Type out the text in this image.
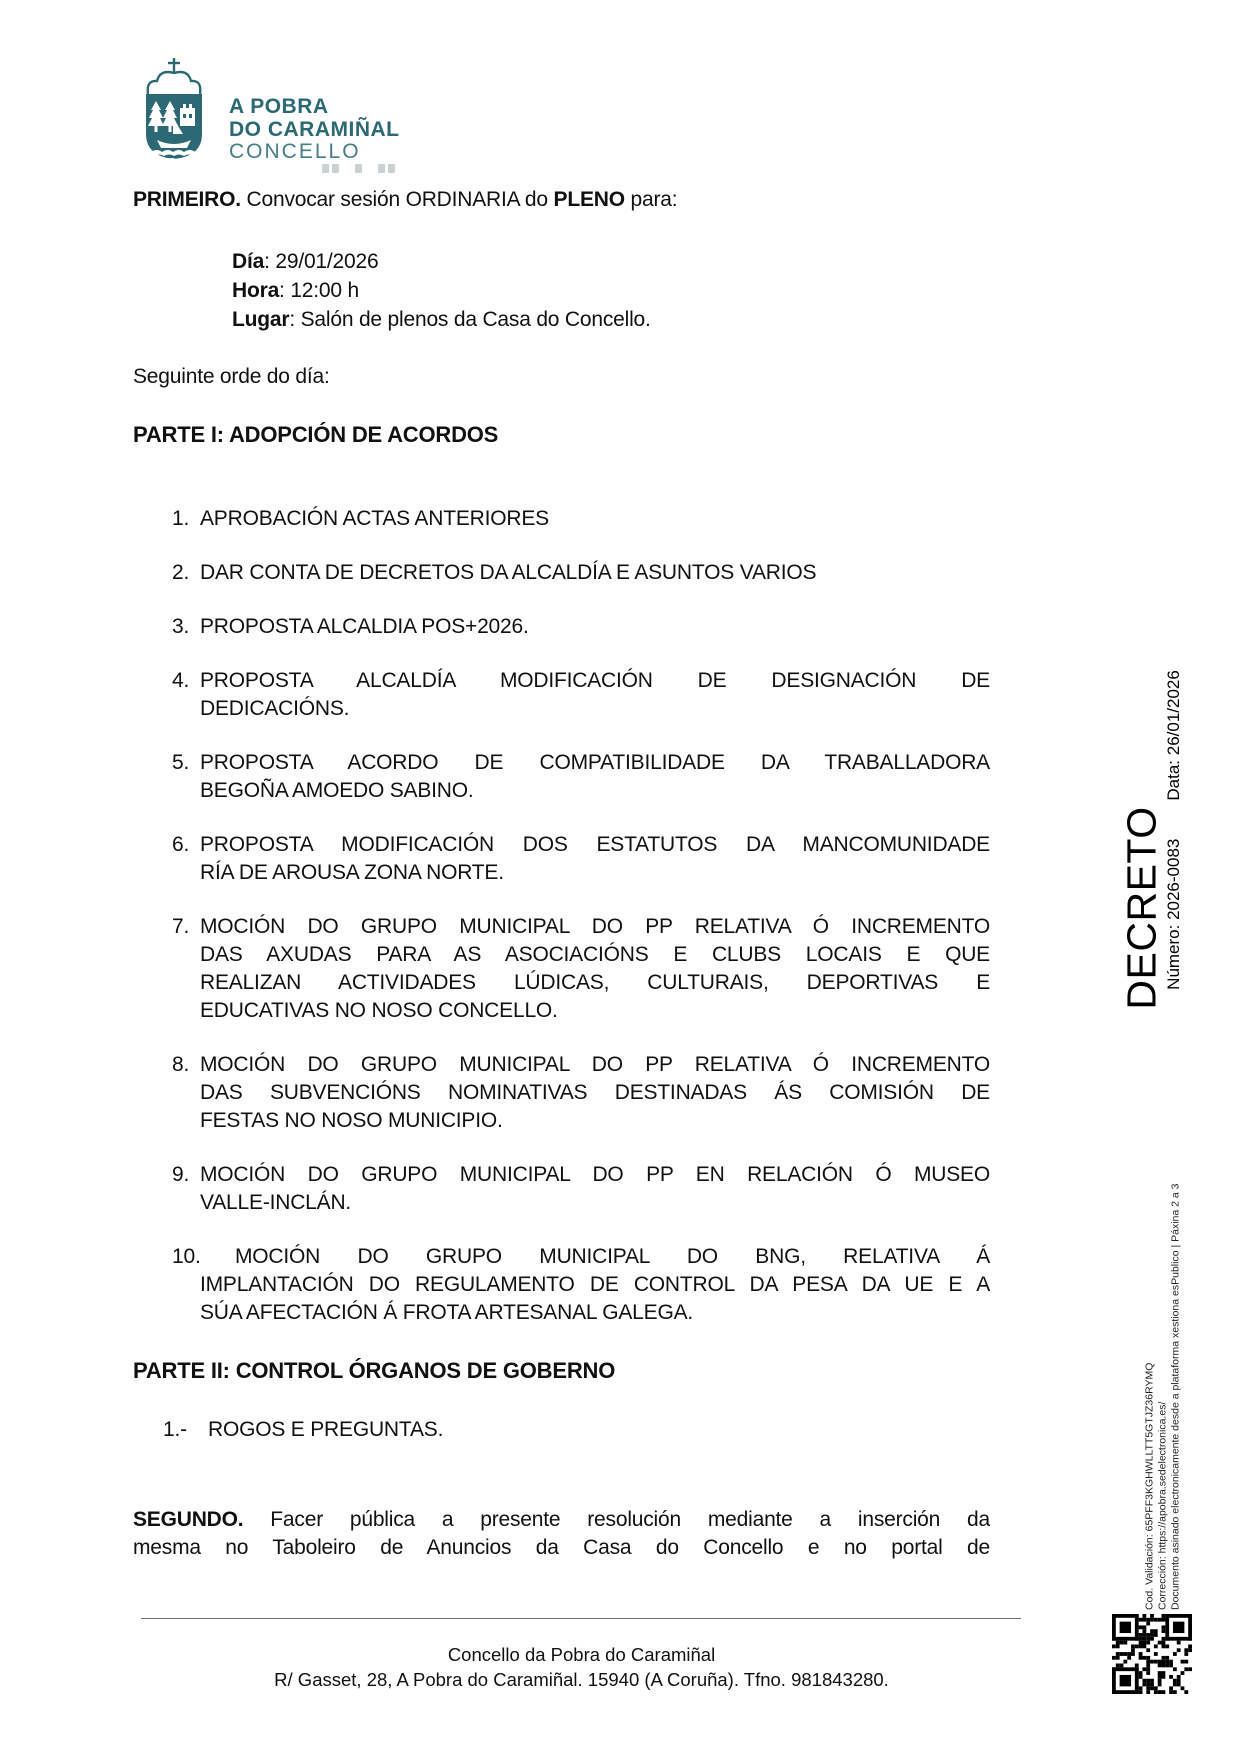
A POBRA
DO CARAMIÑAL
CONCELLO
PRIMEIRO. Convocar sesión ORDINARIA do PLENO para:
Día: 29/01/2026
Hora: 12:00 h
Lugar: Salón de plenos da Casa do Concello.
Seguinte orde do día:
PARTE I: ADOPCIÓN DE ACORDOS
1. APROBACIÓN ACTAS ANTERIORES
2. DAR CONTA DE DECRETOS DA ALCALDÍA E ASUNTOS VARIOS
3. PROPOSTA ALCALDIA POS+2026.
4. PROPOSTA ALCALDÍA MODIFICACIÓN DE DESIGNACIÓN DE
DEDICACIÓNS.
5. PROPOSTA ACORDO DE COMPATIBILIDADE DA TRABALLADORA
BEGOÑA AMOEDO SABINO.
6. PROPOSTA MODIFICACIÓN DOS ESTATUTOS DA MANCOMUNIDADE
RÍA DE AROUSA ZONA NORTE.
7. MOCIÓN DO GRUPO MUNICIPAL DO PP RELATIVA Ó INCREMENTO
DAS AXUDAS PARA AS ASOCIACIÓNS E CLUBS LOCAIS E QUE
REALIZAN ACTIVIDADES LÚDICAS, CULTURAIS, DEPORTIVAS E
EDUCATIVAS NO NOSO CONCELLO.
8. MOCIÓN DO GRUPO MUNICIPAL DO PP RELATIVA Ó INCREMENTO
DAS SUBVENCIÓNS NOMINATIVAS DESTINADAS ÁS COMISIÓN DE
FESTAS NO NOSO MUNICIPIO.
9. MOCIÓN DO GRUPO MUNICIPAL DO PP EN RELACIÓN Ó MUSEO
VALLE-INCLÁN.
10.	MOCIÓN DO GRUPO MUNICIPAL DO BNG, RELATIVA Á
IMPLANTACIÓN DO REGULAMENTO DE CONTROL DA PESA DA UE E A
SÚA AFECTACIÓN Á FROTA ARTESANAL GALEGA.
PARTE II: CONTROL ÓRGANOS DE GOBERNO
1.- ROGOS E PREGUNTAS.
SEGUNDO. Facer pública a presente resolución mediante a inserción da
mesma no Taboleiro de Anuncios da Casa do Concello e no portal de
DECRETO Número: 2026-0083Data: 26/01/2026
Cod. Validación: 65PFF3KGHWLLTT5GTJZ36RYMQ Corrección: https://apobra.sedelectronica.es/ Documento asinado electronicamente desde a plataforma xestiona esPublico | Páxina 2 a 3
Concello da Pobra do Caramiñal
R/ Gasset, 28, A Pobra do Caramiñal. 15940 (A Coruña). Tfno. 981843280.
